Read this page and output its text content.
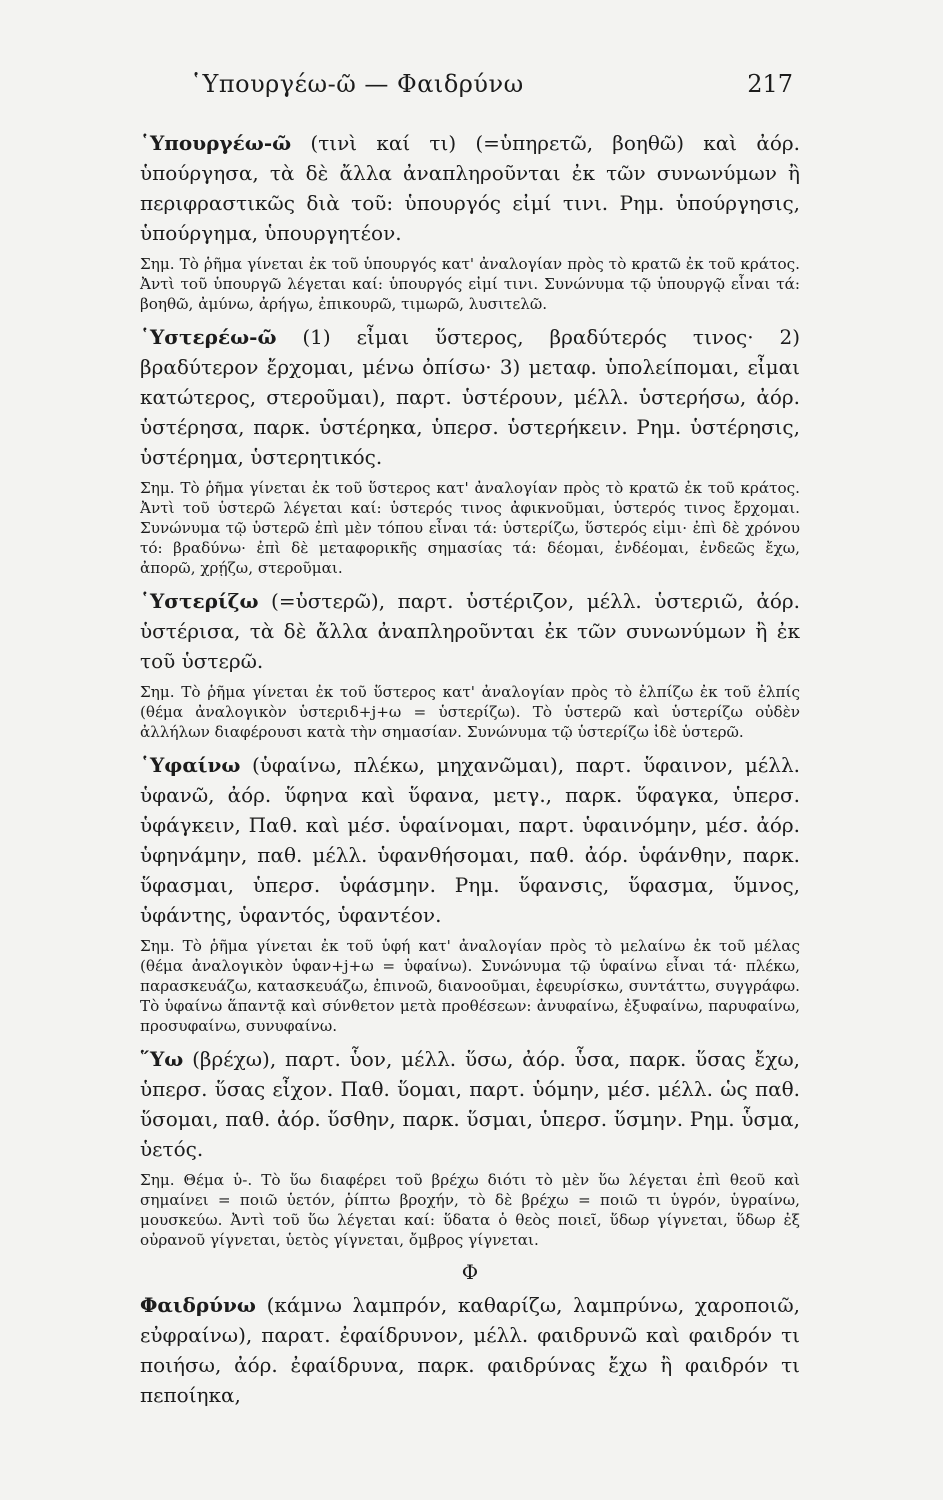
῾Υπουργέω-ῶ — Φαιδρύνω	217

῾Υπουργέω-ῶ (τινὶ καί τι) (=ὑπηρετῶ, βοηθῶ) καὶ ἀόρ. ὑπούργησα, τὰ δὲ ἄλλα ἀναπληροῦνται ἐκ τῶν συνωνύμων ἢ περιφραστικῶς διὰ τοῦ: ὑπουργός εἰμί τινι. Ρημ. ὑπούργησις, ὑπούργημα, ὑπουργητέον.

Σημ. Τὸ ῥῆμα γίνεται ἐκ τοῦ ὑπουργός κατ' ἀναλογίαν πρὸς τὸ κρατῶ ἐκ τοῦ κράτος. Ἀντὶ τοῦ ὑπουργῶ λέγεται καί: ὑπουργός εἰμί τινι. Συνώνυμα τῷ ὑπουργῷ εἶναι τά: βοηθῶ, ἀμύνω, ἀρήγω, ἐπικουρῶ, τιμωρῶ, λυσιτελῶ.

῾Υστερέω-ῶ (1) εἶμαι ὕστερος, βραδύτερός τινος· 2) βραδύτερον ἔρχομαι, μένω ὀπίσω· 3) μεταφ. ὑπολείπομαι, εἶμαι κατώτερος, στεροῦμαι), παρτ. ὑστέρουν, μέλλ. ὑστερήσω, ἀόρ. ὑστέρησα, παρκ. ὑστέρηκα, ὑπερσ. ὑστερήκειν. Ρημ. ὑστέρησις, ὑστέρημα, ὑστερητικός.

Σημ. Τὸ ῥῆμα γίνεται ἐκ τοῦ ὕστερος κατ' ἀναλογίαν πρὸς τὸ κρατῶ ἐκ τοῦ κράτος. Ἀντὶ τοῦ ὑστερῶ λέγεται καί: ὑστερός τινος ἀφικνοῦμαι, ὑστερός τινος ἔρχομαι. Συνώνυμα τῷ ὑστερῶ ἐπὶ μὲν τόπου εἶναι τά: ὑστερίζω, ὕστερός εἰμι· ἐπὶ δὲ χρόνου τό: βραδύνω· ἐπὶ δὲ μεταφορικῆς σημασίας τά: δέομαι, ἐνδέομαι, ἐνδεῶς ἔχω, ἀπορῶ, χρῄζω, στεροῦμαι.

῾Υστερίζω (=ὑστερῶ), παρτ. ὑστέριζον, μέλλ. ὑστεριῶ, ἀόρ. ὑστέρισα, τὰ δὲ ἄλλα ἀναπληροῦνται ἐκ τῶν συνωνύμων ἢ ἐκ τοῦ ὑστερῶ.

Σημ. Τὸ ῥῆμα γίνεται ἐκ τοῦ ὕστερος κατ' ἀναλογίαν πρὸς τὸ ἐλπίζω ἐκ τοῦ ἐλπίς (θέμα ἀναλογικὸν ὑστεριδ+j+ω = ὑστερίζω). Τὸ ὑστερῶ καὶ ὑστερίζω οὐδὲν ἀλλήλων διαφέρουσι κατὰ τὴν σημασίαν. Συνώνυμα τῷ ὑστερίζω ἰδὲ ὑστερῶ.

῾Υφαίνω (ὑφαίνω, πλέκω, μηχανῶμαι), παρτ. ὕφαινον, μέλλ. ὑφανῶ, ἀόρ. ὕφηνα καὶ ὕφανα, μετγ., παρκ. ὕφαγκα, ὑπερσ. ὑφάγκειν, Παθ. καὶ μέσ. ὑφαίνομαι, παρτ. ὑφαινόμην, μέσ. ἀόρ. ὑφηνάμην, παθ. μέλλ. ὑφανθήσομαι, παθ. ἀόρ. ὑφάνθην, παρκ. ὕφασμαι, ὑπερσ. ὑφάσμην. Ρημ. ὕφανσις, ὕφασμα, ὕμνος, ὑφάντης, ὑφαντός, ὑφαντέον.

Σημ. Τὸ ῥῆμα γίνεται ἐκ τοῦ ὑφή κατ' ἀναλογίαν πρὸς τὸ μελαίνω ἐκ τοῦ μέλας (θέμα ἀναλογικὸν ὑφαν+j+ω = ὑφαίνω). Συνώνυμα τῷ ὑφαίνω εἶναι τά· πλέκω, παρασκευάζω, κατασκευάζω, ἐπινοῶ, διανοοῦμαι, ἐφευρίσκω, συντάττω, συγγράφω. Τὸ ὑφαίνω ἅπαντᾷ καὶ σύνθετον μετὰ προθέσεων: ἀνυφαίνω, ἐξυφαίνω, παρυφαίνω, προσυφαίνω, συνυφαίνω.

῞Υω (βρέχω), παρτ. ὗον, μέλλ. ὕσω, ἀόρ. ὗσα, παρκ. ὕσας ἔχω, ὑπερσ. ὕσας εἶχον. Παθ. ὕομαι, παρτ. ὑόμην, μέσ. μέλλ. ὡς παθ. ὕσομαι, παθ. ἀόρ. ὕσθην, παρκ. ὕσμαι, ὑπερσ. ὕσμην. Ρημ. ὗσμα, ὑετός.

Σημ. Θέμα ὑ-. Τὸ ὕω διαφέρει τοῦ βρέχω διότι τὸ μὲν ὕω λέγεται ἐπὶ θεοῦ καὶ σημαίνει = ποιῶ ὑετόν, ῥίπτω βροχήν, τὸ δὲ βρέχω = ποιῶ τι ὑγρόν, ὑγραίνω, μουσκεύω. Ἀντὶ τοῦ ὕω λέγεται καί: ὕδατα ὁ θεὸς ποιεῖ, ὕδωρ γίγνεται, ὕδωρ ἐξ οὐρανοῦ γίγνεται, ὑετὸς γίγνεται, ὄμβρος γίγνεται.

Φ

Φαιδρύνω (κάμνω λαμπρόν, καθαρίζω, λαμπρύνω, χαροποιῶ, εὐφραίνω), παρατ. ἐφαίδρυνον, μέλλ. φαιδρυνῶ καὶ φαιδρόν τι ποιήσω, ἀόρ. ἐφαίδρυνα, παρκ. φαιδρύνας ἔχω ἢ φαιδρόν τι πεποίηκα,
